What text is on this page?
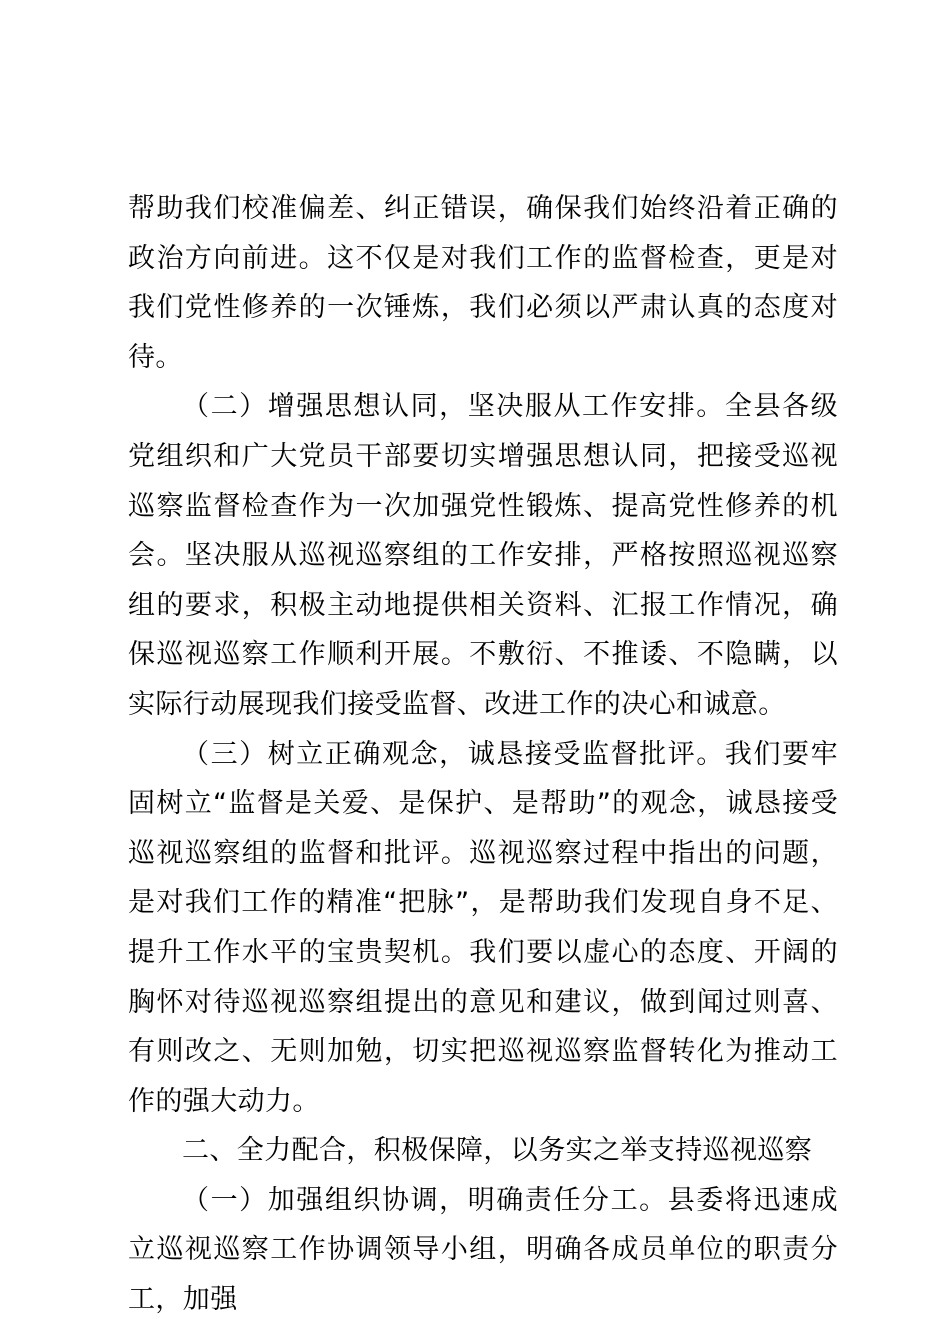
帮助我们校准偏差、纠正错误，确保我们始终沿着正确的政治方向前进。这不仅是对我们工作的监督检查，更是对我们党性修养的一次锤炼，我们必须以严肃认真的态度对待。

（二）增强思想认同，坚决服从工作安排。全县各级党组织和广大党员干部要切实增强思想认同，把接受巡视巡察监督检查作为一次加强党性锻炼、提高党性修养的机会。坚决服从巡视巡察组的工作安排，严格按照巡视巡察组的要求，积极主动地提供相关资料、汇报工作情况，确保巡视巡察工作顺利开展。不敷衍、不推诿、不隐瞒，以实际行动展现我们接受监督、改进工作的决心和诚意。

（三）树立正确观念，诚恳接受监督批评。我们要牢固树立“监督是关爱、是保护、是帮助”的观念，诚恳接受巡视巡察组的监督和批评。巡视巡察过程中指出的问题，是对我们工作的精准“把脉”，是帮助我们发现自身不足、提升工作水平的宝贵契机。我们要以虚心的态度、开阔的胸怀对待巡视巡察组提出的意见和建议，做到闻过则喜、有则改之、无则加勉，切实把巡视巡察监督转化为推动工作的强大动力。

二、全力配合，积极保障，以务实之举支持巡视巡察

（一）加强组织协调，明确责任分工。县委将迅速成立巡视巡察工作协调领导小组，明确各成员单位的职责分工，加强
